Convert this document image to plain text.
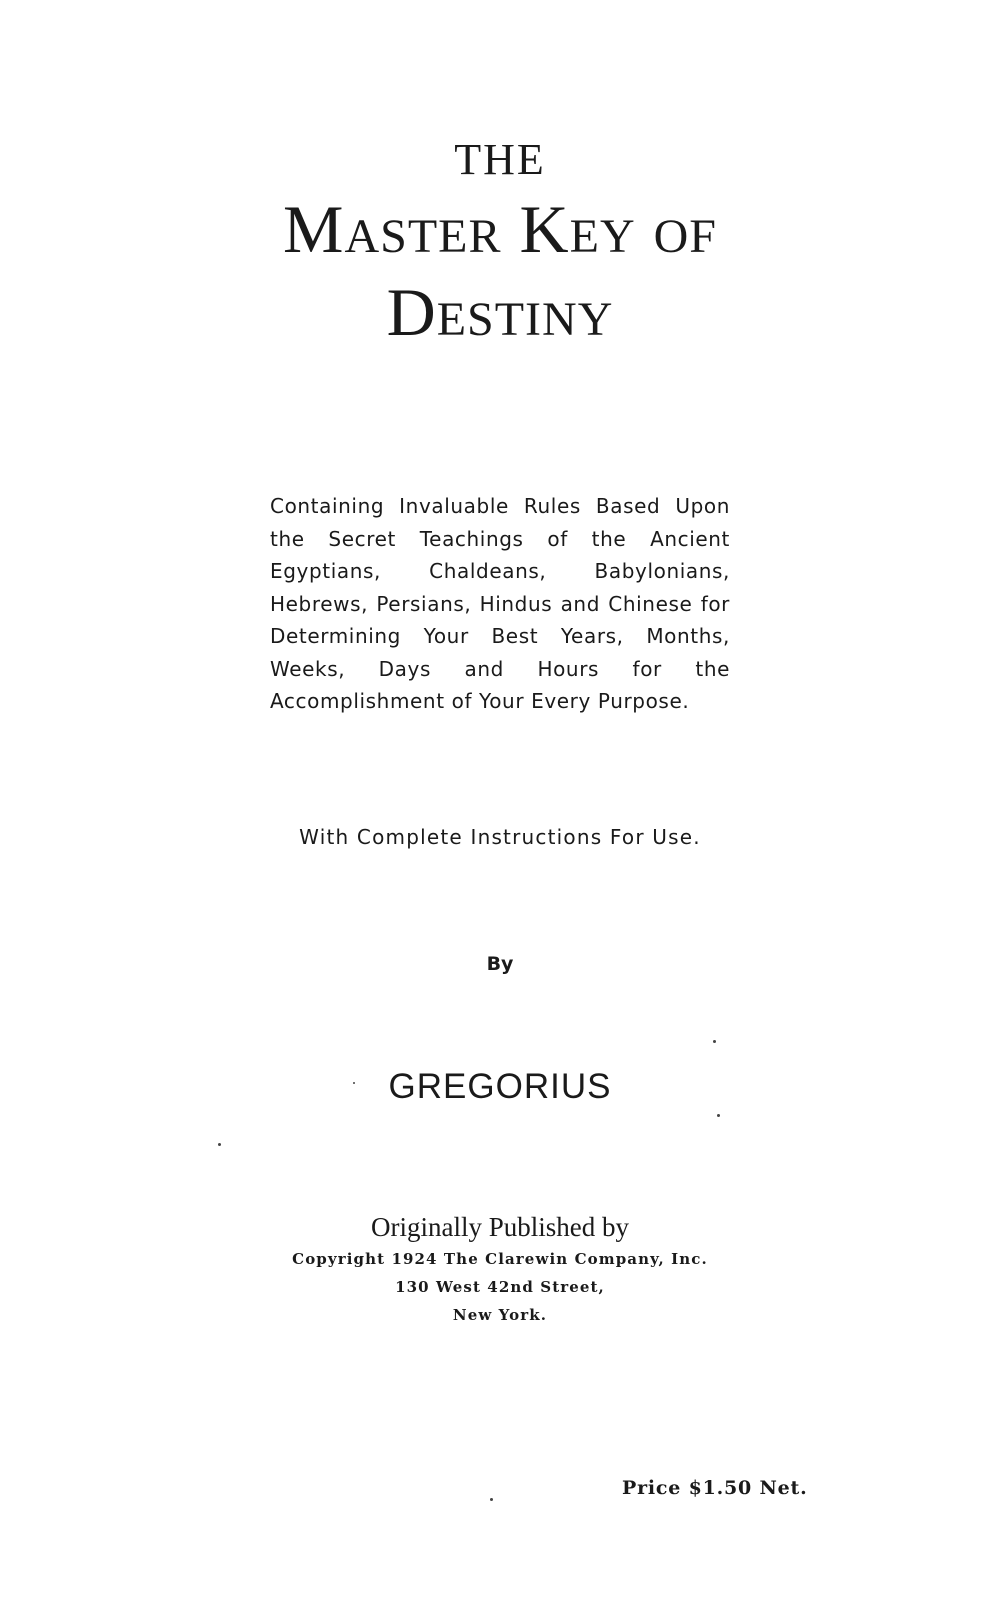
THE
Master Key of
Destiny
Containing Invaluable Rules Based Upon the Secret Teachings of the Ancient Egyptians, Chaldeans, Babylonians, Hebrews, Persians, Hindus and Chinese for Determining Your Best Years, Months, Weeks, Days and Hours for the Accomplishment of Your Every Purpose.
With Complete Instructions For Use.
By
GREGORIUS
Originally Published by
Copyright 1924 The Clarewin Company, Inc.
130 West 42nd Street,
New York.
Price $1.50 Net.
